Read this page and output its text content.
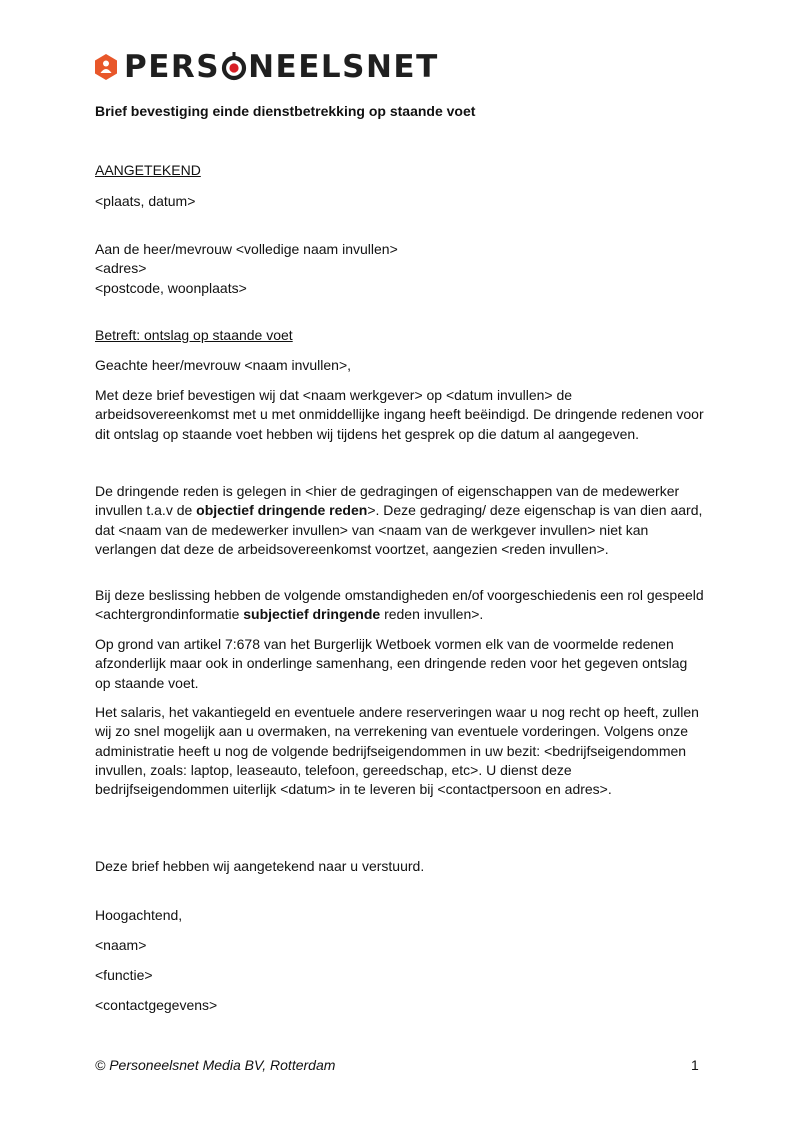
PERS NEELSNET
Brief bevestiging einde dienstbetrekking op staande voet
AANGETEKEND
<plaats, datum>
Aan de heer/mevrouw <volledige naam invullen>
<adres>
<postcode, woonplaats>
Betreft: ontslag op staande voet
Geachte heer/mevrouw <naam invullen>,
Met deze brief bevestigen wij dat <naam werkgever> op <datum invullen> de arbeidsovereenkomst met u met onmiddellijke ingang heeft beëindigd. De dringende redenen voor dit ontslag op staande voet hebben wij tijdens het gesprek op die datum al aangegeven.
De dringende reden is gelegen in <hier de gedragingen of eigenschappen van de medewerker invullen t.a.v de objectief dringende reden>. Deze gedraging/ deze eigenschap is van dien aard, dat <naam van de medewerker invullen> van <naam van de werkgever invullen> niet kan verlangen dat deze de arbeidsovereenkomst voortzet, aangezien <reden invullen>.
Bij deze beslissing hebben de volgende omstandigheden en/of voorgeschiedenis een rol gespeeld <achtergrondinformatie subjectief dringende reden invullen>.
Op grond van artikel 7:678 van het Burgerlijk Wetboek vormen elk van de voormelde redenen afzonderlijk maar ook in onderlinge samenhang, een dringende reden voor het gegeven ontslag op staande voet.
Het salaris, het vakantiegeld en eventuele andere reserveringen waar u nog recht op heeft, zullen wij zo snel mogelijk aan u overmaken, na verrekening van eventuele vorderingen. Volgens onze administratie heeft u nog de volgende bedrijfseigendommen in uw bezit: <bedrijfseigendommen invullen, zoals: laptop, leaseauto, telefoon, gereedschap, etc>. U dienst deze bedrijfseigendommen uiterlijk <datum> in te leveren bij <contactpersoon en adres>.
Deze brief hebben wij aangetekend naar u verstuurd.
Hoogachtend,
<naam>
<functie>
<contactgegevens>
© Personeelsnet Media BV, Rotterdam	1
